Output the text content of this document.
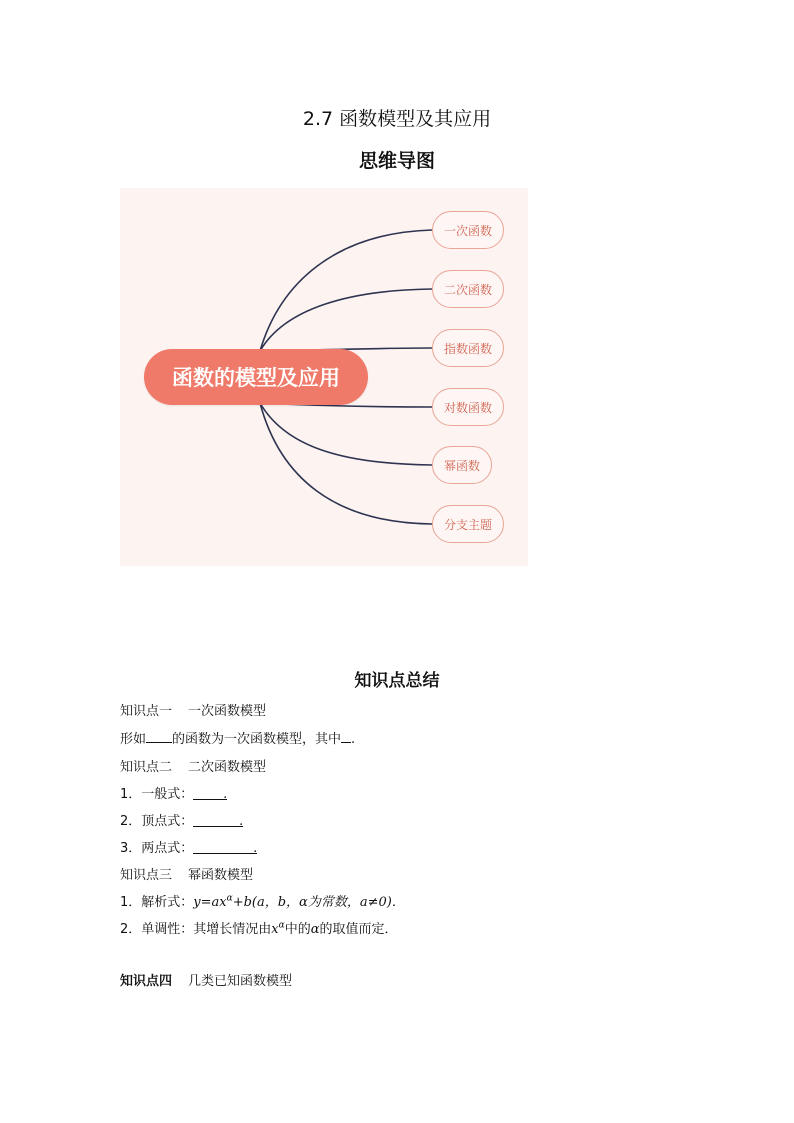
2.7 函数模型及其应用
思维导图
函数的模型及应用
一次函数
二次函数
指数函数
对数函数
幂函数
分支主题
知识点总结
知识点一 一次函数模型
形如 的函数为一次函数模型，其中 .
知识点二 二次函数模型
1．一般式： .
2．顶点式：	.
3．两点式：	.
知识点三 幂函数模型
1．解析式：$y=ax^\alpha+b(a$，b，α为常数，a≠0)．
2．单调性：其增长情况由$x^\alpha$中的α的取值而定．
知识点四 几类已知函数模型
